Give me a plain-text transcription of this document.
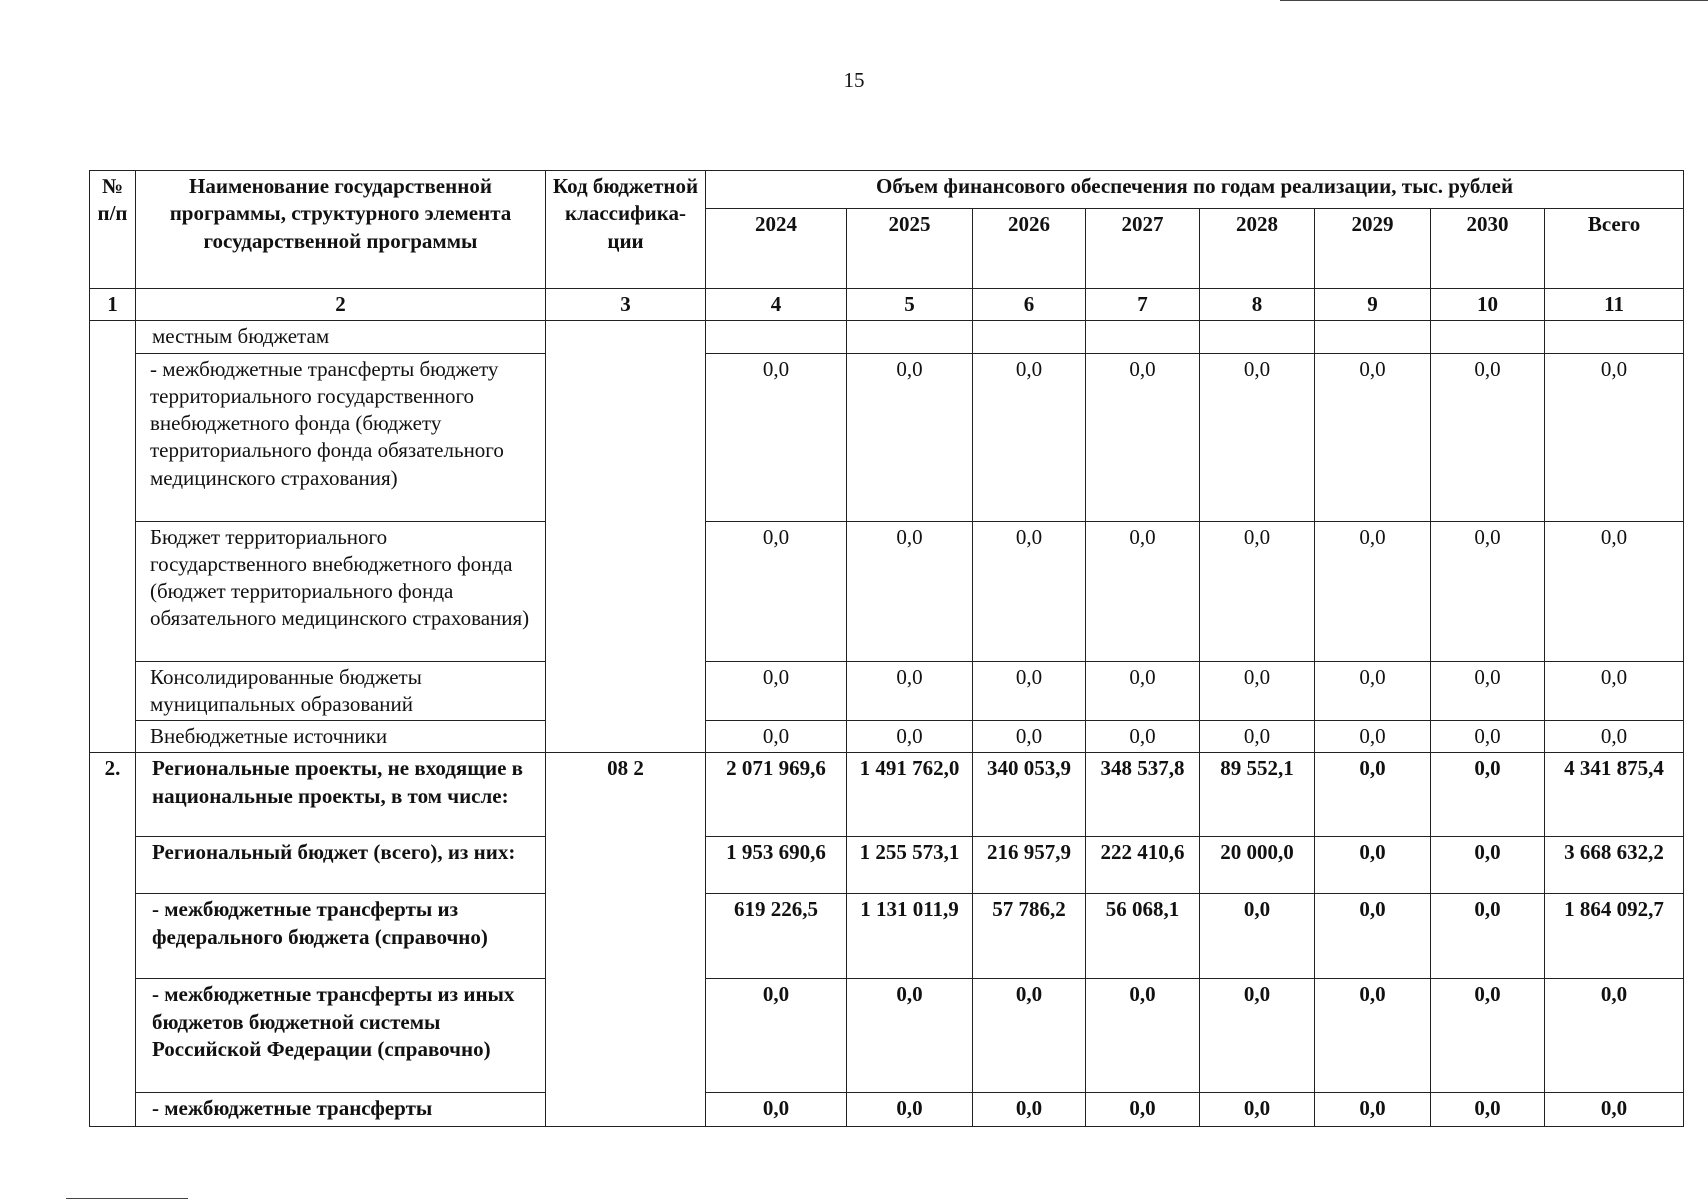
15
№ п/п	Наименование государственной программы, структурного элемента государственной программы	Код бюджетной классифика- ции	Объем финансового обеспечения по годам реализации, тыс. рублей							
			2024	2025	2026	2027	2028	2029	2030	Всего
1	2	3	4	5	6	7	8	9	10	11
	местным бюджетам									
	- межбюджетные трансферты бюджету территориального государственного внебюджетного фонда (бюджету территориального фонда обязательного медицинского страхования)		0,0	0,0	0,0	0,0	0,0	0,0	0,0	0,0
	Бюджет территориального государственного внебюджетного фонда (бюджет территориального фонда обязательного медицинского страхования)		0,0	0,0	0,0	0,0	0,0	0,0	0,0	0,0
	Консолидированные бюджеты муниципальных образований		0,0	0,0	0,0	0,0	0,0	0,0	0,0	0,0
	Внебюджетные источники		0,0	0,0	0,0	0,0	0,0	0,0	0,0	0,0
2.	Региональные проекты, не входящие в национальные проекты, в том числе:	08 2	2 071 969,6	1 491 762,0	340 053,9	348 537,8	89 552,1	0,0	0,0	4 341 875,4
	Региональный бюджет (всего), из них:		1 953 690,6	1 255 573,1	216 957,9	222 410,6	20 000,0	0,0	0,0	3 668 632,2
	- межбюджетные трансферты из федерального бюджета (справочно)		619 226,5	1 131 011,9	57 786,2	56 068,1	0,0	0,0	0,0	1 864 092,7
	- межбюджетные трансферты из иных бюджетов бюджетной системы Российской Федерации (справочно)		0,0	0,0	0,0	0,0	0,0	0,0	0,0	0,0
	- межбюджетные трансферты		0,0	0,0	0,0	0,0	0,0	0,0	0,0	0,0
